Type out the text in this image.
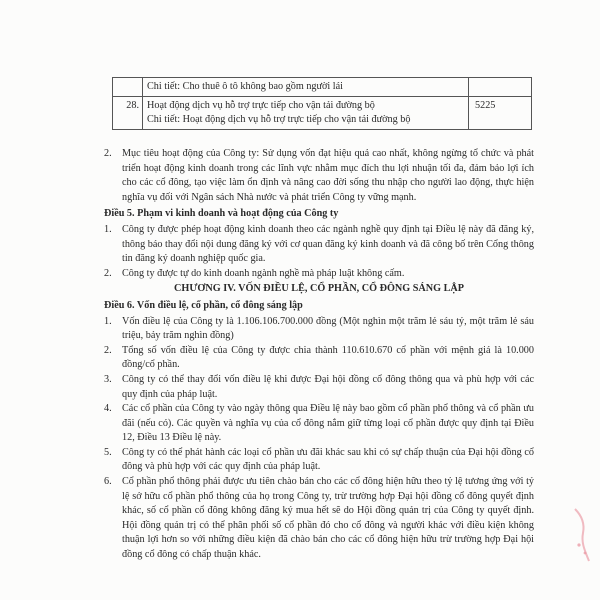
	Chi tiết: Cho thuê ô tô không bao gồm người lái	

28.	Hoạt động dịch vụ hỗ trợ trực tiếp cho vận tải đường bộ
Chi tiết: Hoạt động dịch vụ hỗ trợ trực tiếp cho vận tải đường bộ	5225
2. Mục tiêu hoạt động của Công ty: Sử dụng vốn đạt hiệu quả cao nhất, không ngừng tổ chức và phát triển hoạt động kinh doanh trong các lĩnh vực nhằm mục đích thu lợi nhuận tối đa, đảm bảo lợi ích cho các cổ đông, tạo việc làm ổn định và nâng cao đời sống thu nhập cho người lao động, thực hiện nghĩa vụ đối với Ngân sách Nhà nước và phát triển Công ty vững mạnh.
Điều 5. Phạm vi kinh doanh và hoạt động của Công ty
1. Công ty được phép hoạt động kinh doanh theo các ngành nghề quy định tại Điều lệ này đã đăng ký, thông báo thay đổi nội dung đăng ký với cơ quan đăng ký kinh doanh và đã công bố trên Cổng thông tin đăng ký doanh nghiệp quốc gia.
2. Công ty được tự do kinh doanh ngành nghề mà pháp luật không cấm.
CHƯƠNG IV. VỐN ĐIỀU LỆ, CỔ PHẦN, CỔ ĐÔNG SÁNG LẬP
Điều 6. Vốn điều lệ, cổ phần, cổ đông sáng lập
1. Vốn điều lệ của Công ty là 1.106.106.700.000 đồng (Một nghìn một trăm lẻ sáu tỷ, một trăm lẻ sáu triệu, bảy trăm nghìn đồng)
2. Tổng số vốn điều lệ của Công ty được chia thành 110.610.670 cổ phần với mệnh giá là 10.000 đồng/cổ phần.
3. Công ty có thể thay đổi vốn điều lệ khi được Đại hội đồng cổ đông thông qua và phù hợp với các quy định của pháp luật.
4. Các cổ phần của Công ty vào ngày thông qua Điều lệ này bao gồm cổ phần phổ thông và cổ phần ưu đãi (nếu có). Các quyền và nghĩa vụ của cổ đông nắm giữ từng loại cổ phần được quy định tại Điều 12, Điều 13 Điều lệ này.
5. Công ty có thể phát hành các loại cổ phần ưu đãi khác sau khi có sự chấp thuận của Đại hội đồng cổ đông và phù hợp với các quy định của pháp luật.
6. Cổ phần phổ thông phải được ưu tiên chào bán cho các cổ đông hiện hữu theo tỷ lệ tương ứng với tỷ lệ sở hữu cổ phần phổ thông của họ trong Công ty, trừ trường hợp Đại hội đồng cổ đông quyết định khác, số cổ phần cổ đông không đăng ký mua hết sẽ do Hội đồng quản trị của Công ty quyết định. Hội đồng quản trị có thể phân phối số cổ phần đó cho cổ đông và người khác với điều kiện không thuận lợi hơn so với những điều kiện đã chào bán cho các cổ đông hiện hữu trừ trường hợp Đại hội đồng cổ đông có chấp thuận khác.
